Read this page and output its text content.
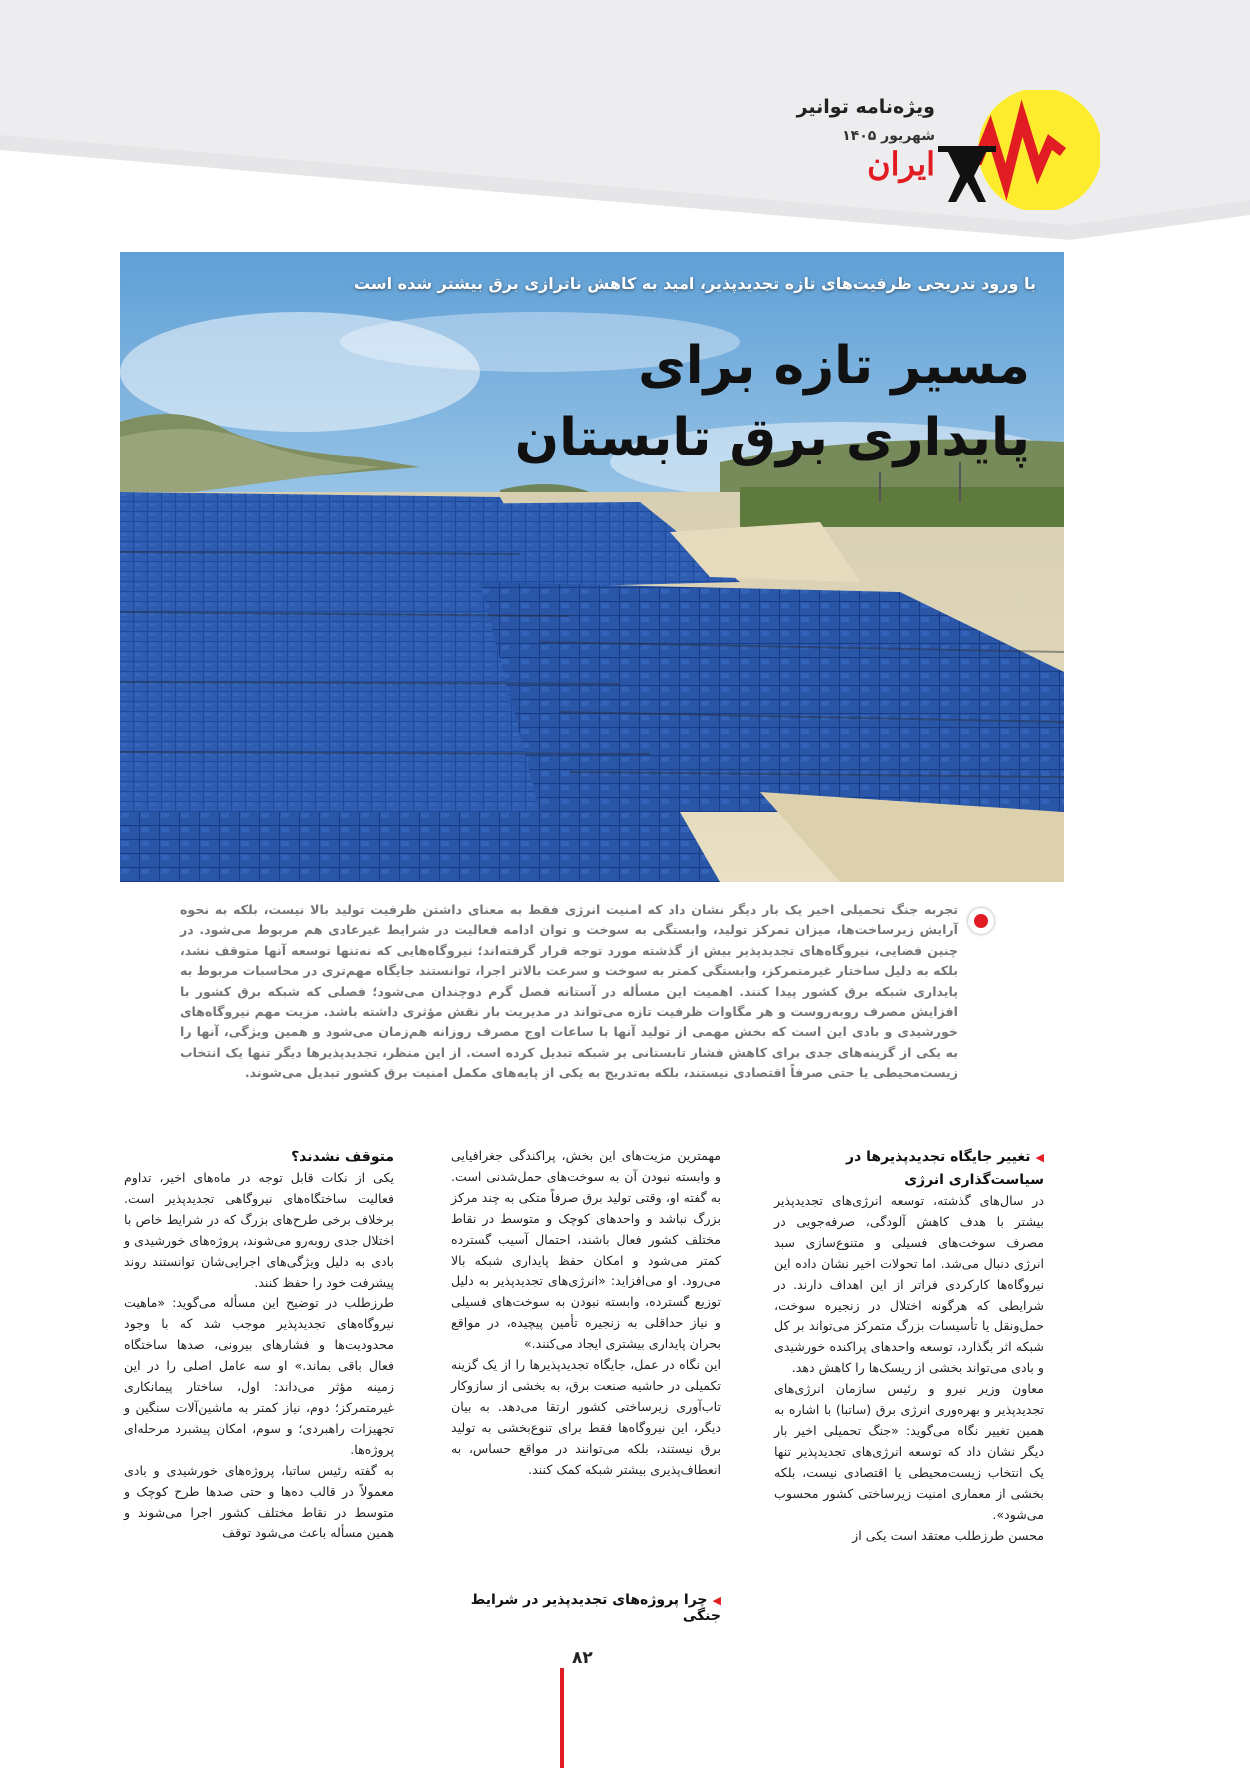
ویژه‌نامه توانیر
شهریور ۱۴۰۵
ایران
با ورود تدریجی ظرفیت‌های تازه تجدیدپذیر، امید به کاهش ناترازی برق بیشتر شده است
مسیر تازه برای پایداری برق تابستان

تجربه جنگ تحمیلی اخیر یک بار دیگر نشان داد که امنیت انرژی فقط به معنای داشتن ظرفیت تولید بالا نیست، بلکه به نحوه آرایش زیرساخت‌ها، میزان تمرکز تولید، وابستگی به سوخت و توان ادامه فعالیت در شرایط غیرعادی هم مربوط می‌شود. در چنین فضایی، نیروگاه‌های تجدیدپذیر بیش از گذشته مورد توجه قرار گرفته‌اند؛ نیروگاه‌هایی که نه‌تنها توسعه آنها متوقف نشد، بلکه به دلیل ساختار غیرمتمرکز، وابستگی کمتر به سوخت و سرعت بالاتر اجرا، توانستند جایگاه مهم‌تری در محاسبات مربوط به پایداری شبکه برق کشور پیدا کنند. اهمیت این مسأله در آستانه فصل گرم دوچندان می‌شود؛ فصلی که شبکه برق کشور با افزایش مصرف روبه‌روست و هر مگاوات ظرفیت تازه می‌تواند در مدیریت بار نقش مؤثری داشته باشد. مزیت مهم نیروگاه‌های خورشیدی و بادی این است که بخش مهمی از تولید آنها با ساعات اوج مصرف روزانه هم‌زمان می‌شود و همین ویژگی، آنها را به یکی از گزینه‌های جدی برای کاهش فشار تابستانی بر شبکه تبدیل کرده است. از این منظر، تجدیدپذیرها دیگر تنها یک انتخاب زیست‌محیطی یا حتی صرفاً اقتصادی نیستند، بلکه به‌تدریج به یکی از پایه‌های مکمل امنیت برق کشور تبدیل می‌شوند.

◀تغییر جایگاه تجدیدپذیرها در سیاست‌گذاری انرژی

در سال‌های گذشته، توسعه انرژی‌های تجدیدپذیر بیشتر با هدف کاهش آلودگی، صرفه‌جویی در مصرف سوخت‌های فسیلی و متنوع‌سازی سبد انرژی دنبال می‌شد. اما تحولات اخیر نشان داده این نیروگاه‌ها کارکردی فراتر از این اهداف دارند. در شرایطی که هرگونه اختلال در زنجیره سوخت، حمل‌ونقل یا تأسیسات بزرگ متمرکز می‌تواند بر کل شبکه اثر بگذارد، توسعه واحدهای پراکنده خورشیدی و بادی می‌تواند بخشی از ریسک‌ها را کاهش دهد.

معاون وزیر نیرو و رئیس سازمان انرژی‌های تجدیدپذیر و بهره‌وری انرژی برق (ساتبا) با اشاره به همین تغییر نگاه می‌گوید: «جنگ تحمیلی اخیر بار دیگر نشان داد که توسعه انرژی‌های تجدیدپذیر تنها یک انتخاب زیست‌محیطی یا اقتصادی نیست، بلکه بخشی از معماری امنیت زیرساختی کشور محسوب می‌شود».

محسن طرزطلب معتقد است یکی از

مهمترین مزیت‌های این بخش، پراکندگی جغرافیایی و وابسته نبودن آن به سوخت‌های حمل‌شدنی است. به گفته او، وقتی تولید برق صرفاً متکی به چند مرکز بزرگ نباشد و واحدهای کوچک و متوسط در نقاط مختلف کشور فعال باشند، احتمال آسیب گسترده کمتر می‌شود و امکان حفظ پایداری شبکه بالا می‌رود. او می‌افزاید: «انرژی‌های تجدیدپذیر به دلیل توزیع گسترده، وابسته نبودن به سوخت‌های فسیلی و نیاز حداقلی به زنجیره تأمین پیچیده، در مواقع بحران پایداری بیشتری ایجاد می‌کنند.»

این نگاه در عمل، جایگاه تجدیدپذیرها را از یک گزینه تکمیلی در حاشیه صنعت برق، به بخشی از سازوکار تاب‌آوری زیرساختی کشور ارتقا می‌دهد. به بیان دیگر، این نیروگاه‌ها فقط برای تنوع‌بخشی به تولید برق نیستند، بلکه می‌توانند در مواقع حساس، به انعطاف‌پذیری بیشتر شبکه کمک کنند.

◀چرا پروژه‌های تجدیدپذیر در شرایط جنگی

متوقف نشدند؟

یکی از نکات قابل توجه در ماه‌های اخیر، تداوم فعالیت ساختگاه‌های نیروگاهی تجدیدپذیر است. برخلاف برخی طرح‌های بزرگ که در شرایط خاص با اختلال جدی روبه‌رو می‌شوند، پروژه‌های خورشیدی و بادی به دلیل ویژگی‌های اجرایی‌شان توانستند روند پیشرفت خود را حفظ کنند.

طرزطلب در توضیح این مسأله می‌گوید: «ماهیت نیروگاه‌های تجدیدپذیر موجب شد که با وجود محدودیت‌ها و فشارهای بیرونی، صدها ساختگاه فعال باقی بماند.» او سه عامل اصلی را در این زمینه مؤثر می‌داند: اول، ساختار پیمانکاری غیرمتمرکز؛ دوم، نیاز کمتر به ماشین‌آلات سنگین و تجهیزات راهبردی؛ و سوم، امکان پیشبرد مرحله‌ای پروژه‌ها.

به گفته رئیس ساتبا، پروژه‌های خورشیدی و بادی معمولاً در قالب ده‌ها و حتی صدها طرح کوچک و متوسط در نقاط مختلف کشور اجرا می‌شوند و همین مسأله باعث می‌شود توقف

۸۲
